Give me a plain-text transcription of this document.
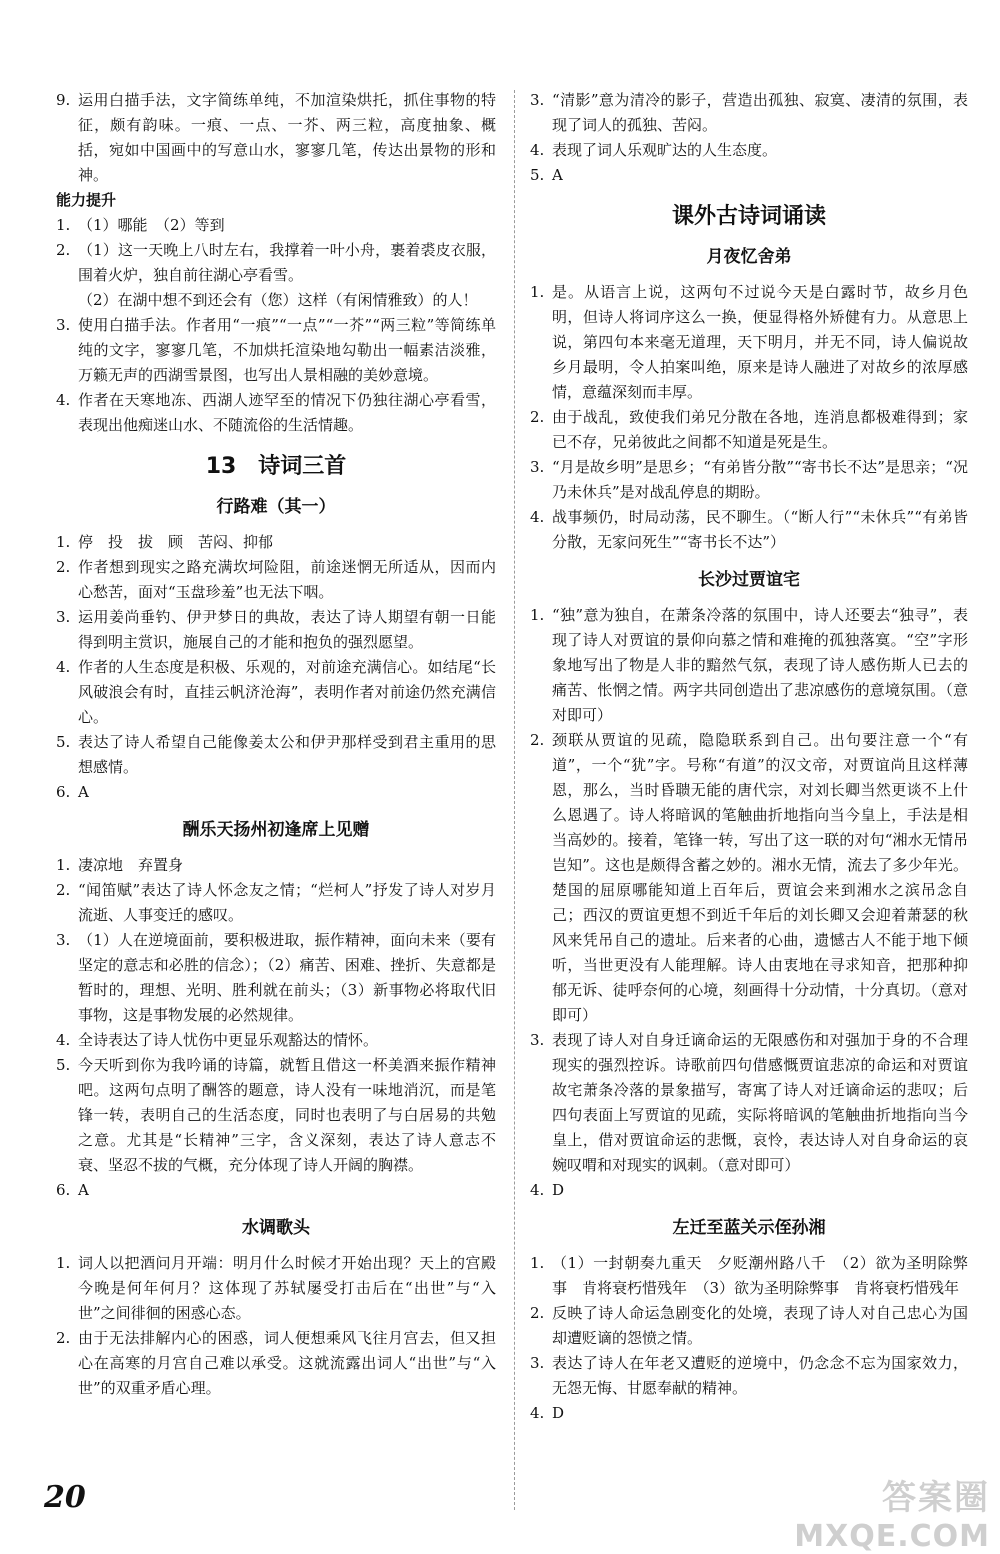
9. 运用白描手法，文字简练单纯，不加渲染烘托，抓住事物的特征，颇有韵味。一痕、一点、一芥、两三粒，高度抽象、概括，宛如中国画中的写意山水，寥寥几笔，传达出景物的形和神。
能力提升
1. （1）哪能　（2）等到
2. （1）这一天晚上八时左右，我撑着一叶小舟，裹着裘皮衣服，围着火炉，独自前往湖心亭看雪。
（2）在湖中想不到还会有（您）这样（有闲情雅致）的人！
3. 使用白描手法。作者用“一痕”“一点”“一芥”“两三粒”等简练单纯的文字，寥寥几笔，不加烘托渲染地勾勒出一幅素洁淡雅，万籁无声的西湖雪景图，也写出人景相融的美妙意境。
4. 作者在天寒地冻、西湖人迹罕至的情况下仍独往湖心亭看雪，表现出他痴迷山水、不随流俗的生活情趣。
13　诗词三首
行路难（其一）
1. 停　投　拔　顾　苦闷、抑郁
2. 作者想到现实之路充满坎坷险阻，前途迷惘无所适从，因而内心愁苦，面对“玉盘珍羞”也无法下咽。
3. 运用姜尚垂钓、伊尹梦日的典故，表达了诗人期望有朝一日能得到明主赏识，施展自己的才能和抱负的强烈愿望。
4. 作者的人生态度是积极、乐观的，对前途充满信心。如结尾“长风破浪会有时，直挂云帆济沧海”，表明作者对前途仍然充满信心。
5. 表达了诗人希望自己能像姜太公和伊尹那样受到君主重用的思想感情。
6. A
酬乐天扬州初逢席上见赠
1. 凄凉地　弃置身
2. “闻笛赋”表达了诗人怀念友之情；“烂柯人”抒发了诗人对岁月流逝、人事变迁的感叹。
3. （1）人在逆境面前，要积极进取，振作精神，面向未来（要有坚定的意志和必胜的信念）；（2）痛苦、困难、挫折、失意都是暂时的，理想、光明、胜利就在前头；（3）新事物必将取代旧事物，这是事物发展的必然规律。
4. 全诗表达了诗人忧伤中更显乐观豁达的情怀。
5. 今天听到你为我吟诵的诗篇，就暂且借这一杯美酒来振作精神吧。这两句点明了酬答的题意，诗人没有一味地消沉，而是笔锋一转，表明自己的生活态度，同时也表明了与白居易的共勉之意。尤其是“长精神”三字，含义深刻，表达了诗人意志不衰、坚忍不拔的气概，充分体现了诗人开阔的胸襟。
6. A
水调歌头
1. 词人以把酒问月开端：明月什么时候才开始出现？天上的宫殿今晚是何年何月？这体现了苏轼屡受打击后在“出世”与“入世”之间徘徊的困惑心态。
2. 由于无法排解内心的困惑，词人便想乘风飞往月宫去，但又担心在高寒的月宫自己难以承受。这就流露出词人“出世”与“入世”的双重矛盾心理。
3. “清影”意为清冷的影子，营造出孤独、寂寞、凄清的氛围，表现了词人的孤独、苦闷。
4. 表现了词人乐观旷达的人生态度。
5. A
课外古诗词诵读
月夜忆舍弟
1. 是。从语言上说，这两句不过说今天是白露时节，故乡月色明，但诗人将词序这么一换，便显得格外矫健有力。从意思上说，第四句本来毫无道理，天下明月，并无不同，诗人偏说故乡月最明，令人拍案叫绝，原来是诗人融进了对故乡的浓厚感情，意蕴深刻而丰厚。
2. 由于战乱，致使我们弟兄分散在各地，连消息都极难得到；家已不存，兄弟彼此之间都不知道是死是生。
3. “月是故乡明”是思乡；“有弟皆分散”“寄书长不达”是思亲；“况乃未休兵”是对战乱停息的期盼。
4. 战事频仍，时局动荡，民不聊生。（“断人行”“未休兵”“有弟皆分散，无家问死生”“寄书长不达”）
长沙过贾谊宅
1. “独”意为独自，在萧条冷落的氛围中，诗人还要去“独寻”，表现了诗人对贾谊的景仰向慕之情和难掩的孤独落寞。“空”字形象地写出了物是人非的黯然气氛，表现了诗人感伤斯人已去的痛苦、怅惘之情。两字共同创造出了悲凉感伤的意境氛围。（意对即可）
2. 颈联从贾谊的见疏，隐隐联系到自己。出句要注意一个“有道”，一个“犹”字。号称“有道”的汉文帝，对贾谊尚且这样薄恩，那么，当时昏聩无能的唐代宗，对刘长卿当然更谈不上什么恩遇了。诗人将暗讽的笔触曲折地指向当今皇上，手法是相当高妙的。接着，笔锋一转，写出了这一联的对句“湘水无情吊岂知”。这也是颇得含蓄之妙的。湘水无情，流去了多少年光。楚国的屈原哪能知道上百年后，贾谊会来到湘水之滨吊念自己；西汉的贾谊更想不到近千年后的刘长卿又会迎着萧瑟的秋风来凭吊自己的遗址。后来者的心曲，遗憾古人不能于地下倾听，当世更没有人能理解。诗人由衷地在寻求知音，把那种抑郁无诉、徒呼奈何的心境，刻画得十分动情，十分真切。（意对即可）
3. 表现了诗人对自身迁谪命运的无限感伤和对强加于身的不合理现实的强烈控诉。诗歌前四句借感慨贾谊悲凉的命运和对贾谊故宅萧条冷落的景象描写，寄寓了诗人对迁谪命运的悲叹；后四句表面上写贾谊的见疏，实际将暗讽的笔触曲折地指向当今皇上，借对贾谊命运的悲慨，哀怜，表达诗人对自身命运的哀婉叹喟和对现实的讽刺。（意对即可）
4. D
左迁至蓝关示侄孙湘
1. （1）一封朝奏九重天　夕贬潮州路八千　（2）欲为圣明除弊事　肯将衰朽惜残年　（3）欲为圣明除弊事　肯将衰朽惜残年
2. 反映了诗人命运急剧变化的处境，表现了诗人对自己忠心为国却遭贬谪的怨愤之情。
3. 表达了诗人在年老又遭贬的逆境中，仍念念不忘为国家效力，无怨无悔、甘愿奉献的精神。
4. D
20	答案圈
MXQE.COM
